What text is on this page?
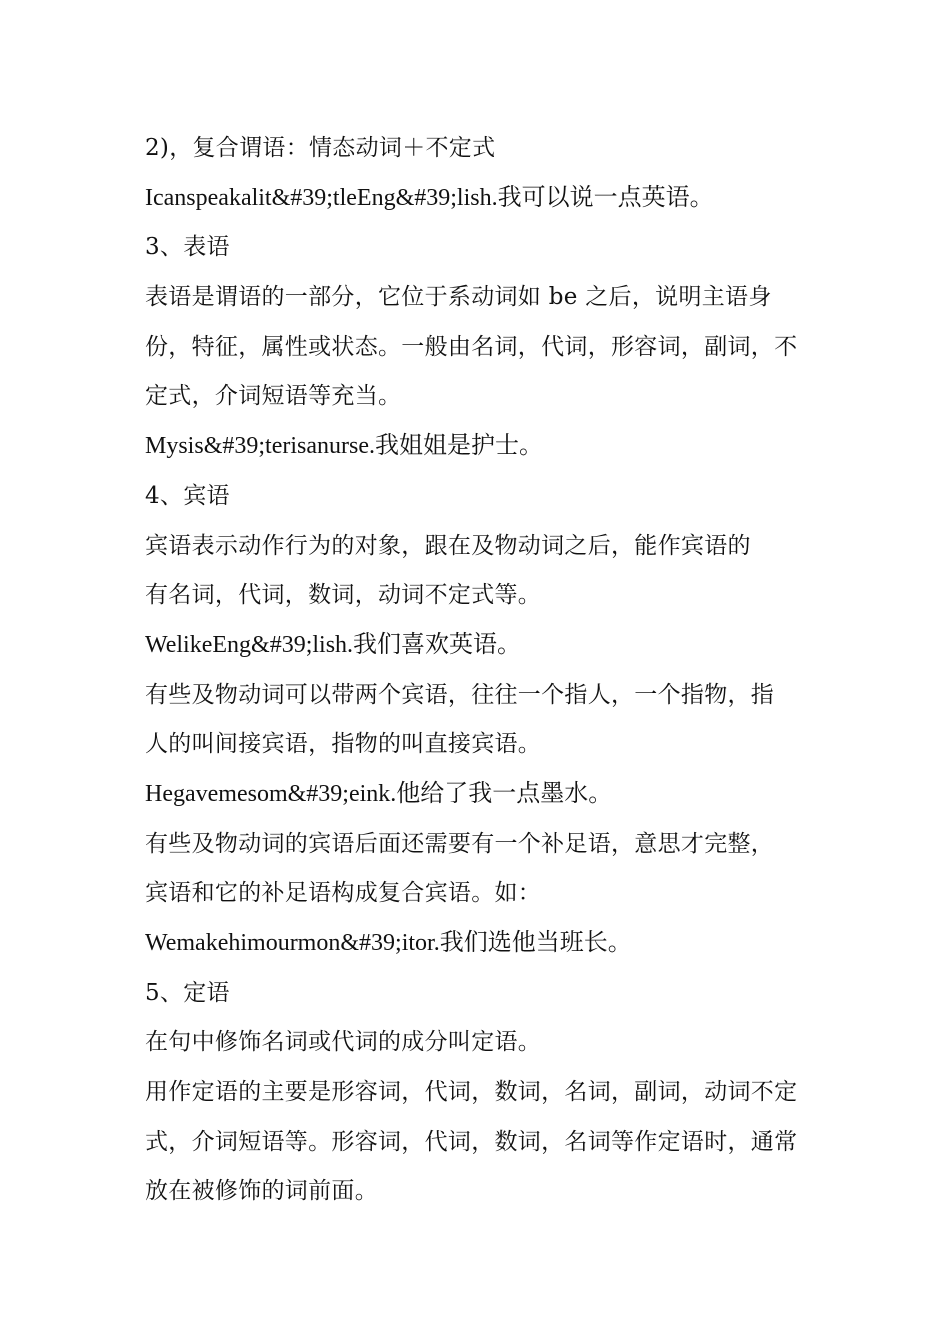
2)，复合谓语：情态动词＋不定式
Icanspeakalit&#39;tleEng&#39;lish.我可以说一点英语。
3、表语
表语是谓语的一部分，它位于系动词如 be 之后，说明主语身
份，特征，属性或状态。一般由名词，代词，形容词，副词，不
定式，介词短语等充当。
Mysis&#39;terisanurse.我姐姐是护士。
4、宾语
宾语表示动作行为的对象，跟在及物动词之后，能作宾语的
有名词，代词，数词，动词不定式等。
WelikeEng&#39;lish.我们喜欢英语。
有些及物动词可以带两个宾语，往往一个指人，一个指物，指
人的叫间接宾语，指物的叫直接宾语。
Hegavemesom&#39;eink.他给了我一点墨水。
有些及物动词的宾语后面还需要有一个补足语，意思才完整，
宾语和它的补足语构成复合宾语。如：
Wemakehimourmon&#39;itor.我们选他当班长。
5、定语
在句中修饰名词或代词的成分叫定语。
用作定语的主要是形容词，代词，数词，名词，副词，动词不定
式，介词短语等。形容词，代词，数词，名词等作定语时，通常
放在被修饰的词前面。
